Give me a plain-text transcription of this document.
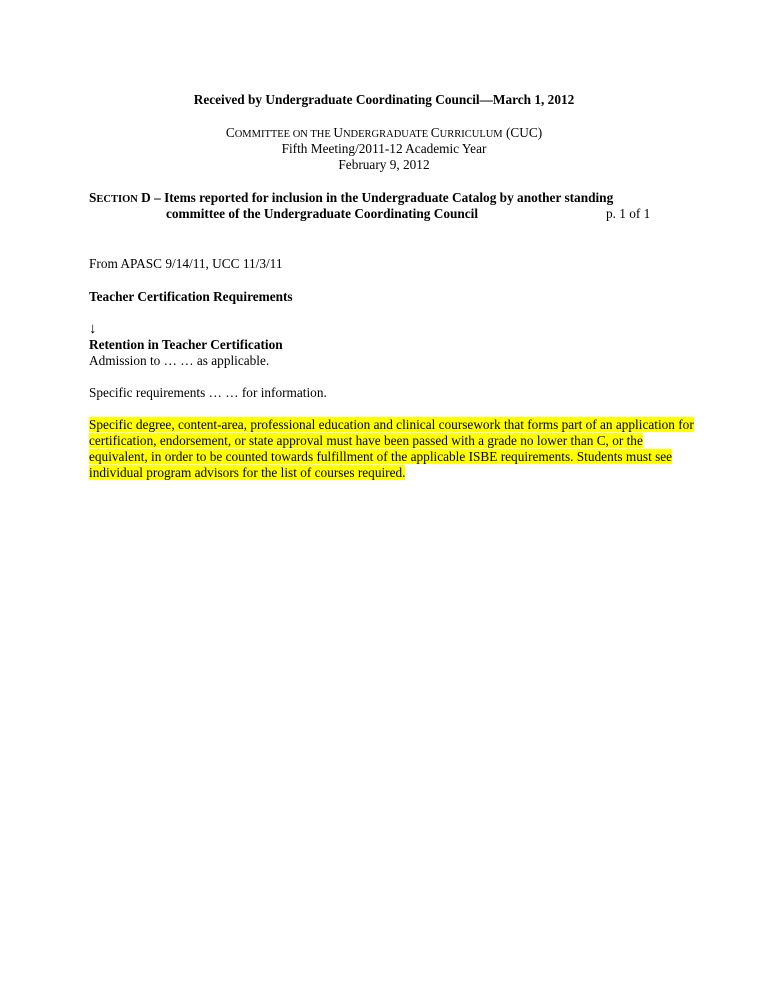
Received by Undergraduate Coordinating Council—March 1, 2012
COMMITTEE ON THE UNDERGRADUATE CURRICULUM (CUC)
Fifth Meeting/2011-12 Academic Year
February 9, 2012
SECTION D – Items reported for inclusion in the Undergraduate Catalog by another standing
committee of the Undergraduate Coordinating Council	p. 1 of 1
From APASC 9/14/11, UCC 11/3/11
Teacher Certification Requirements
↓
Retention in Teacher Certification
Admission to … … as applicable.
Specific requirements … … for information.
Specific degree, content-area, professional education and clinical coursework that forms part of an application for
certification, endorsement, or state approval must have been passed with a grade no lower than C, or the
equivalent, in order to be counted towards fulfillment of the applicable ISBE requirements. Students must see
individual program advisors for the list of courses required.
